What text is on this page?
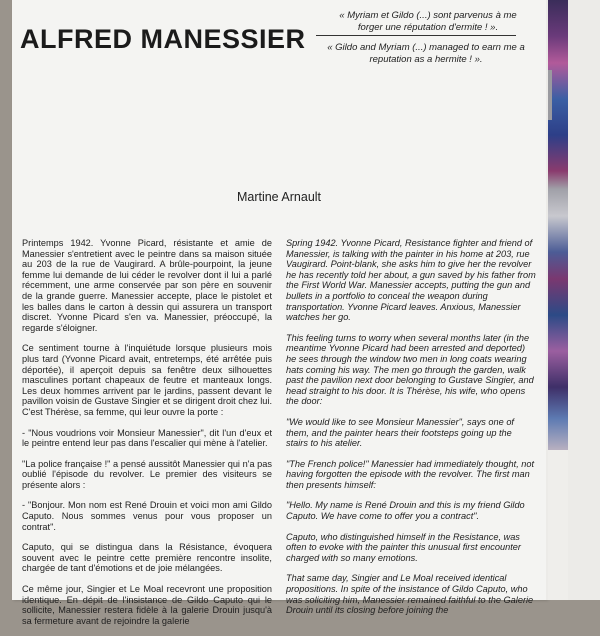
ALFRED MANESSIER

« Myriam et Gildo (...) sont parvenus à me forger une réputation d'ermite ! ».

« Gildo and Myriam (...) managed to earn me a reputation as a hermite ! ».

Martine Arnault

Printemps 1942. Yvonne Picard, résistante et amie de Manessier s'entretient avec le peintre dans sa maison située au 203 de la rue de Vaugirard. A brûle-pourpoint, la jeune femme lui demande de lui céder le revolver dont il lui a parlé récemment, une arme conservée par son père en souvenir de la grande guerre. Manessier accepte, place le pistolet et les balles dans le carton à dessin qui assurera un transport discret. Yvonne Picard s'en va. Manessier, préoccupé, la regarde s'éloigner.

Ce sentiment tourne à l'inquiétude lorsque plusieurs mois plus tard (Yvonne Picard avait, entretemps, été arrêtée puis déportée), il aperçoit depuis sa fenêtre deux silhouettes masculines portant chapeaux de feutre et manteaux longs. Les deux hommes arrivent par le jardins, passent devant le pavillon voisin de Gustave Singier et se dirigent droit chez lui. C'est Thérèse, sa femme, qui leur ouvre la porte :

- "Nous voudrions voir Monsieur Manessier", dit l'un d'eux et le peintre entend leur pas dans l'escalier qui mène à l'atelier.

"La police française !" a pensé aussitôt Manessier qui n'a pas oublié l'épisode du revolver. Le premier des visiteurs se présente alors :

- "Bonjour. Mon nom est René Drouin et voici mon ami Gildo Caputo. Nous sommes venus pour vous proposer un contrat".

Caputo, qui se distingua dans la Résistance, évoquera souvent avec le peintre cette première rencontre insolite, chargée de tant d'émotions et de joie mélangées.

Ce même jour, Singier et Le Moal recevront une proposition identique. En dépit de l'insistance de Gildo Caputo qui le sollicite, Manessier restera fidèle à la galerie Drouin jusqu'à sa fermeture avant de rejoindre la galerie

Spring 1942. Yvonne Picard, Resistance fighter and friend of Manessier, is talking with the painter in his home at 203, rue Vaugirard. Point-blank, she asks him to give her the revolver he has recently told her about, a gun saved by his father from the First World War. Manessier accepts, putting the gun and bullets in a portfolio to conceal the weapon during transportation. Yvonne Picard leaves. Anxious, Manessier watches her go.

This feeling turns to worry when several months later (in the meantime Yvonne Picard had been arrested and deported) he sees through the window two men in long coats wearing hats coming his way. The men go through the garden, walk past the pavilion next door belonging to Gustave Singier, and head straight to his door. It is Thérèse, his wife, who opens the door:

"We would like to see Monsieur Manessier", says one of them, and the painter hears their footsteps going up the stairs to his atelier.

"The French police!" Manessier had immediately thought, not having forgotten the episode with the revolver. The first man then presents himself:

"Hello. My name is René Drouin and this is my friend Gildo Caputo. We have come to offer you a contract".

Caputo, who distinguished himself in the Resistance, was often to evoke with the painter this unusual first encounter charged with so many emotions.

That same day, Singier and Le Moal received identical propositions. In spite of the insistance of Gildo Caputo, who was soliciting him, Manessier remained faithful to the Galerie Drouin until its closing before joining the
